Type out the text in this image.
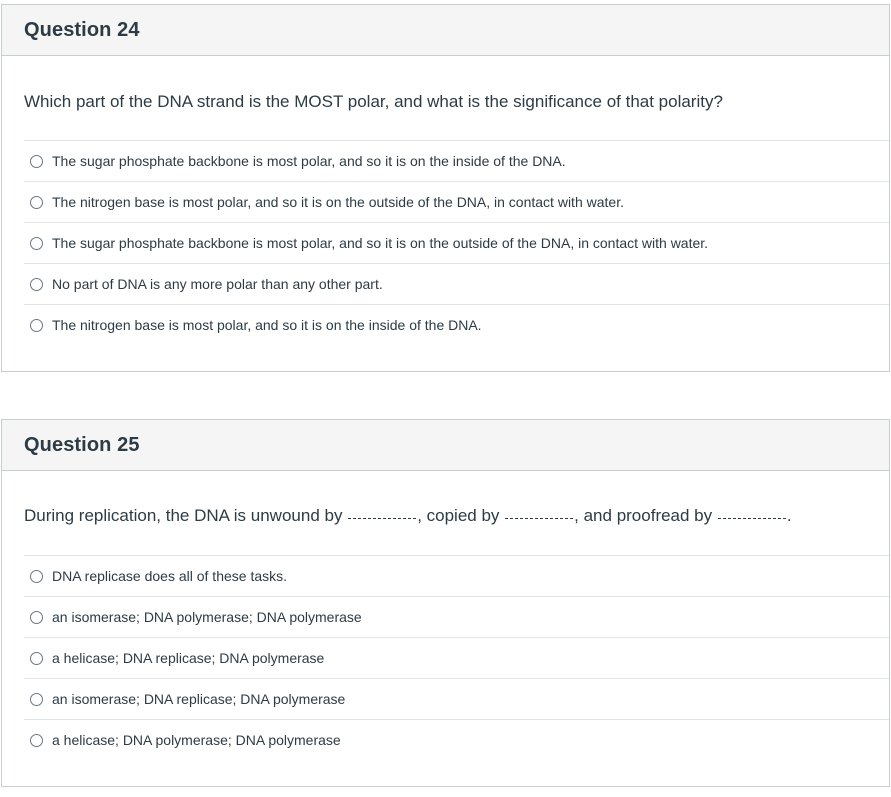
Question 24
Which part of the DNA strand is the MOST polar, and what is the significance of that polarity?
The sugar phosphate backbone is most polar, and so it is on the inside of the DNA.
The nitrogen base is most polar, and so it is on the outside of the DNA, in contact with water.
The sugar phosphate backbone is most polar, and so it is on the outside of the DNA, in contact with water.
No part of DNA is any more polar than any other part.
The nitrogen base is most polar, and so it is on the inside of the DNA.
Question 25
During replication, the DNA is unwound by	, copied by	, and proofread by	.
DNA replicase does all of these tasks.
an isomerase; DNA polymerase; DNA polymerase
a helicase; DNA replicase; DNA polymerase
an isomerase; DNA replicase; DNA polymerase
a helicase; DNA polymerase; DNA polymerase
